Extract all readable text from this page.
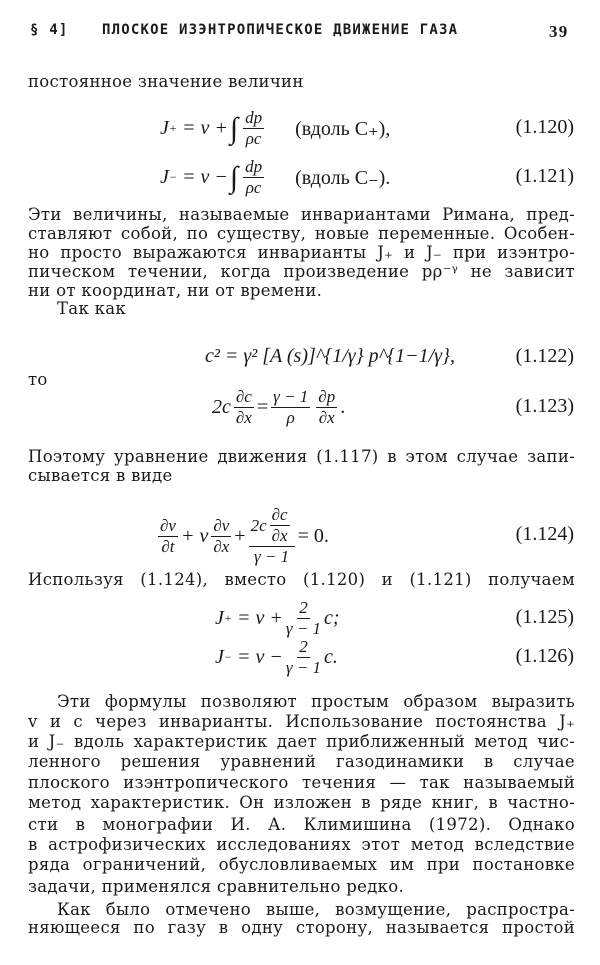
§ 4] ПЛОСКОЕ ИЗЭНТРОПИЧЕСКОЕ ДВИЖЕНИЕ ГАЗА	39
постоянное значение величин
J +
= v + ∫ $\frac{dp}{\rho c}$ (вдоль C₊),	(1.120)
J −
= v − ∫ $\frac{dp}{\rho c}$ (вдоль C₋).	(1.121)
Эти величины, называемые инвариантами Римана, пред-
ставляют собой, по существу, новые переменные. Особен-
но просто выражаются инварианты J₊ и J₋ при изэнтро-
пическом течении, когда произведение pρ⁻ᵞ не зависит
ни от координат, ни от времени.
Так как
c² = γ² [A (s)]^{1/γ} p^{1−1/γ},	(1.122)
то
$2c \frac{\partial c}{\partial x} = \frac{\gamma - 1}{\rho} \frac{\partial p}{\partial x}$ .	(1.123)
Поэтому уравнение движения (1.117) в этом случае запи-
сывается в виде
$\frac{\partial v}{\partial t} + v \frac{\partial v}{\partial x} + \frac{2c \frac{\partial c}{\partial x}}{\gamma - 1} = 0$.	(1.124)
Используя (1.124), вместо (1.120) и (1.121) получаем
J +
= $v + \frac{2}{\gamma - 1} c$;	(1.125)
J −
= $v - \frac{2}{\gamma - 1} c$.	(1.126)
Эти формулы позволяют простым образом выразить
v и c через инварианты. Использование постоянства J₊
и J₋ вдоль характеристик дает приближенный метод чис-
ленного решения уравнений газодинамики в случае
плоского изэнтропического течения — так называемый
метод характеристик. Он изложен в ряде книг, в частно-
сти в монографии И. А. Климишина (1972). Однако
в астрофизических исследованиях этот метод вследствие
ряда ограничений, обусловливаемых им при постановке
задачи, применялся сравнительно редко.
Как было отмечено выше, возмущение, распростра-
няющееся по газу в одну сторону, называется простой
